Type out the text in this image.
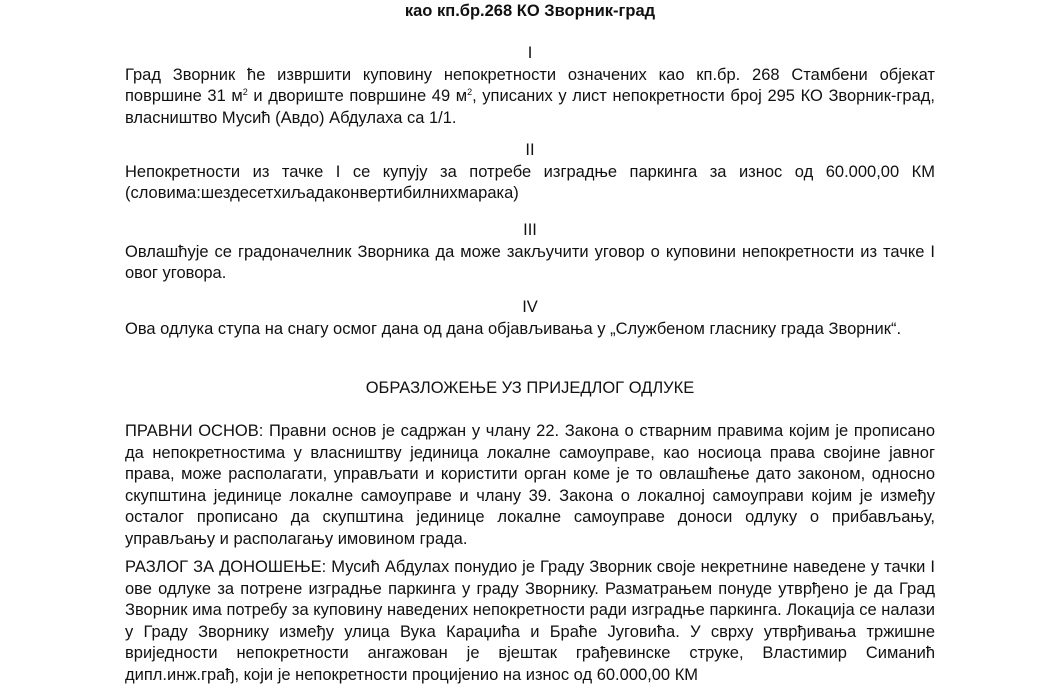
као кп.бр.268 КО Зворник-град

I

Град Зворник ће извршити куповину непокретности означених као кп.бр. 268 Стамбени објекат површине 31 $м^2$ и двориште површине 49 $м^2$, уписаних у лист непокретности број 295 КО Зворник-град, власништво Мусић (Авдо) Абдулаха са 1/1.

II

Непокретности из тачке I се купују за потребе изградње паркинга за износ од 60.000,00 КМ (словима:шездесетхиљадаконвертибилнихмарака)

III

Овлашћује се градоначелник Зворника да може закључити уговор о куповини непокретности из тачке I овог уговора.

IV

Ова одлука ступа на снагу осмог дана од дана објављивања у „Службеном гласнику града Зворник“.

ОБРАЗЛОЖЕЊЕ УЗ ПРИЈЕДЛОГ ОДЛУКЕ

ПРАВНИ ОСНОВ: Правни основ је садржан у члану 22. Закона о стварним правима којим је прописано да непокретностима у власништву јединица локалне самоуправе, као носиоца права својине јавног права, може располагати, управљати и користити орган коме је то овлашћење дато законом, односно скупштина јединице локалне самоуправе и члану 39. Закона о локалној самоуправи којим је између осталог прописано да скупштина јединице локалне самоуправе доноси одлуку о прибављању, управљању и располагању имовином града.

РАЗЛОГ ЗА ДОНОШЕЊЕ: Мусић Абдулах понудио је Граду Зворник своје некретнине наведене у тачки I ове одлуке за потрене изградње паркинга у граду Зворнику. Разматрањем понуде утврђено је да Град Зворник има потребу за куповину наведених непокретности ради изградње паркинга. Локација се налази у Граду Зворнику између улица Вука Караџића и Браће Југовића. У сврху утврђивања тржишне вриједности непокретности ангажован је вјештак грађевинске струке, Властимир Симанић дипл.инж.грађ, који је непокретности процијенио на износ од 60.000,00 КМ
